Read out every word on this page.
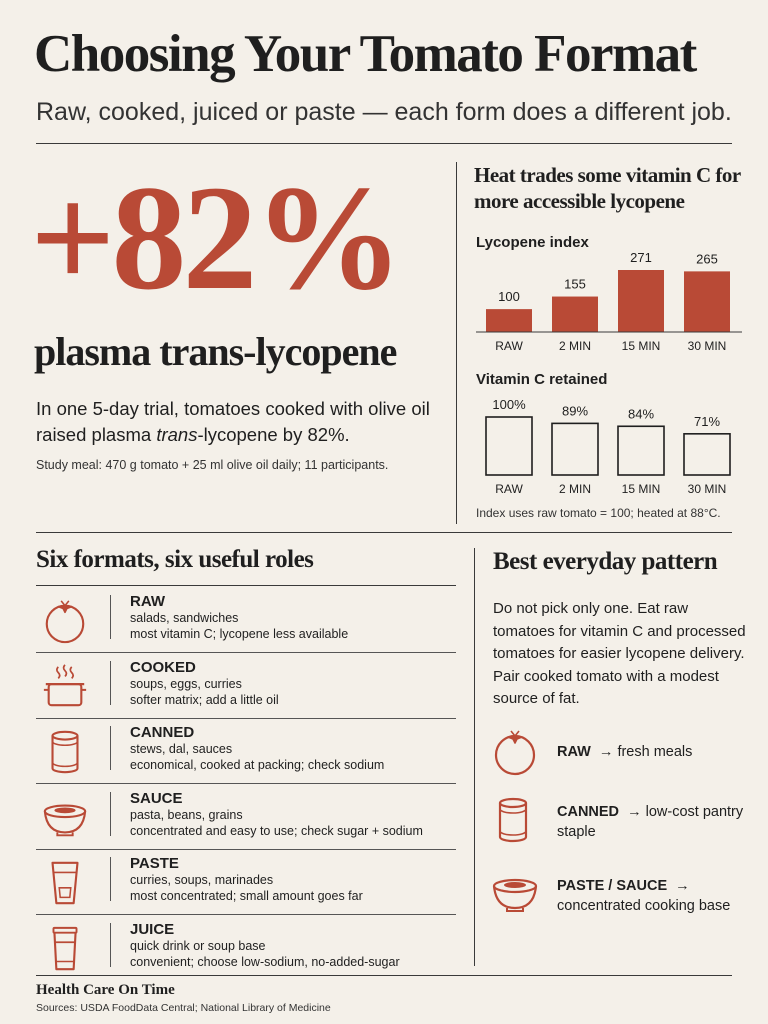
Choosing Your Tomato Format
Raw, cooked, juiced or paste — each form does a different job.
+82%
plasma trans-lycopene
In one 5-day trial, tomatoes cooked with olive oil raised plasma trans-lycopene by 82%.
Study meal: 470 g tomato + 25 ml olive oil daily; 11 participants.
Heat trades some vitamin C for more accessible lycopene
Lycopene index
100
RAW
155
2 MIN
271
15 MIN
265
30 MIN
Vitamin C retained
100%
RAW
89%
2 MIN
84%
15 MIN
71%
30 MIN
Index uses raw tomato = 100; heated at 88°C.
Six formats, six useful roles
RAW
salads, sandwiches
most vitamin C; lycopene less available
COOKED
soups, eggs, curries
softer matrix; add a little oil
CANNED
stews, dal, sauces
economical, cooked at packing; check sodium
SAUCE
pasta, beans, grains
concentrated and easy to use; check sugar + sodium
PASTE
curries, soups, marinades
most concentrated; small amount goes far
JUICE
quick drink or soup base
convenient; choose low-sodium, no-added-sugar
Best everyday pattern
Do not pick only one. Eat raw tomatoes for vitamin C and processed tomatoes for easier lycopene delivery. Pair cooked tomato with a modest source of fat.
RAW → fresh meals
CANNED → low-cost pantry staple
PASTE / SAUCE → concentrated cooking base
Health Care On Time
Sources: USDA FoodData Central; National Library of Medicine
